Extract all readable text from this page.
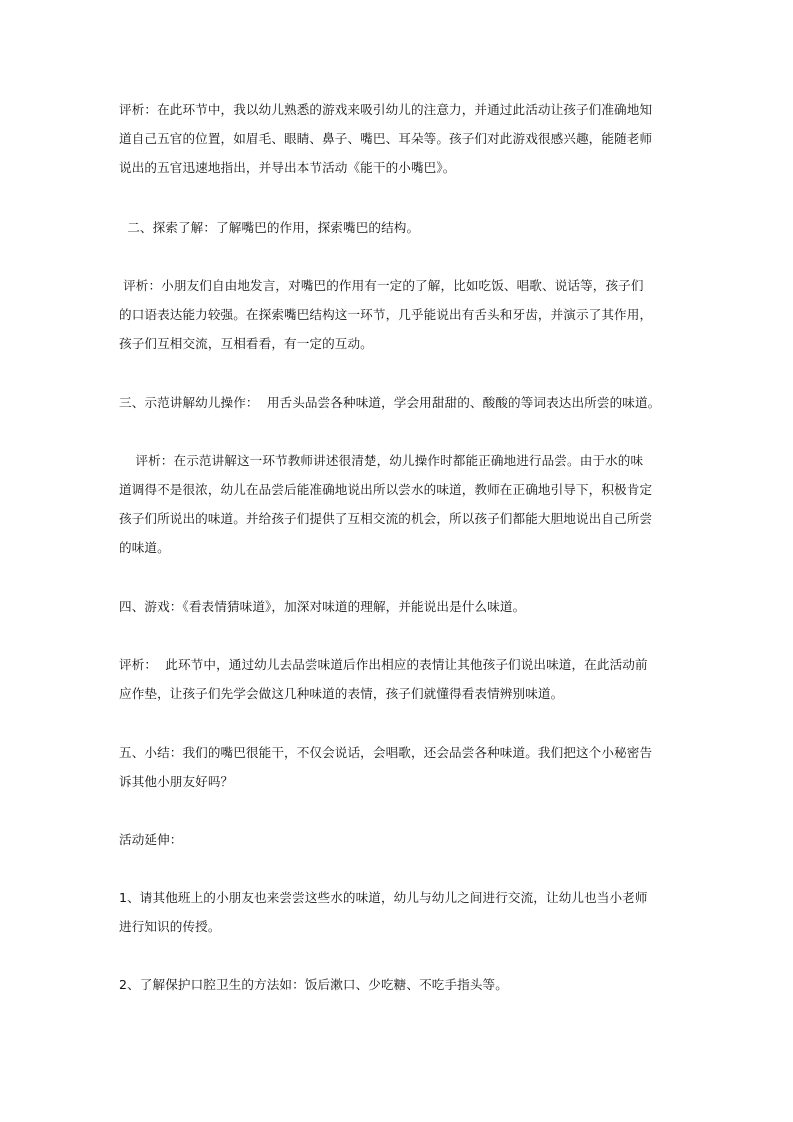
评析：在此环节中，我以幼儿熟悉的游戏来吸引幼儿的注意力，并通过此活动让孩子们准确地知
道自己五官的位置，如眉毛、眼睛、鼻子、嘴巴、耳朵等。孩子们对此游戏很感兴趣，能随老师
说出的五官迅速地指出，并导出本节活动《能干的小嘴巴》。
二、探索了解：了解嘴巴的作用，探索嘴巴的结构。
评析：小朋友们自由地发言，对嘴巴的作用有一定的了解，比如吃饭、唱歌、说话等，孩子们
的口语表达能力较强。在探索嘴巴结构这一环节，几乎能说出有舌头和牙齿，并演示了其作用，
孩子们互相交流，互相看看，有一定的互动。
三、示范讲解幼儿操作：  用舌头品尝各种味道，学会用甜甜的、酸酸的等词表达出所尝的味道。
评析：在示范讲解这一环节教师讲述很清楚，幼儿操作时都能正确地进行品尝。由于水的味
道调得不是很浓，幼儿在品尝后能准确地说出所以尝水的味道，教师在正确地引导下，积极肯定
孩子们所说出的味道。并给孩子们提供了互相交流的机会，所以孩子们都能大胆地说出自己所尝
的味道。
四、游戏：《看表情猜味道》，加深对味道的理解，并能说出是什么味道。
评析：  此环节中，通过幼儿去品尝味道后作出相应的表情让其他孩子们说出味道，在此活动前
应作垫，让孩子们先学会做这几种味道的表情，孩子们就懂得看表情辨别味道。
五、小结：我们的嘴巴很能干，不仅会说话，会唱歌，还会品尝各种味道。我们把这个小秘密告
诉其他小朋友好吗？
活动延伸：
1、请其他班上的小朋友也来尝尝这些水的味道，幼儿与幼儿之间进行交流，让幼儿也当小老师
进行知识的传授。
2、了解保护口腔卫生的方法如：饭后漱口、少吃糖、不吃手指头等。
